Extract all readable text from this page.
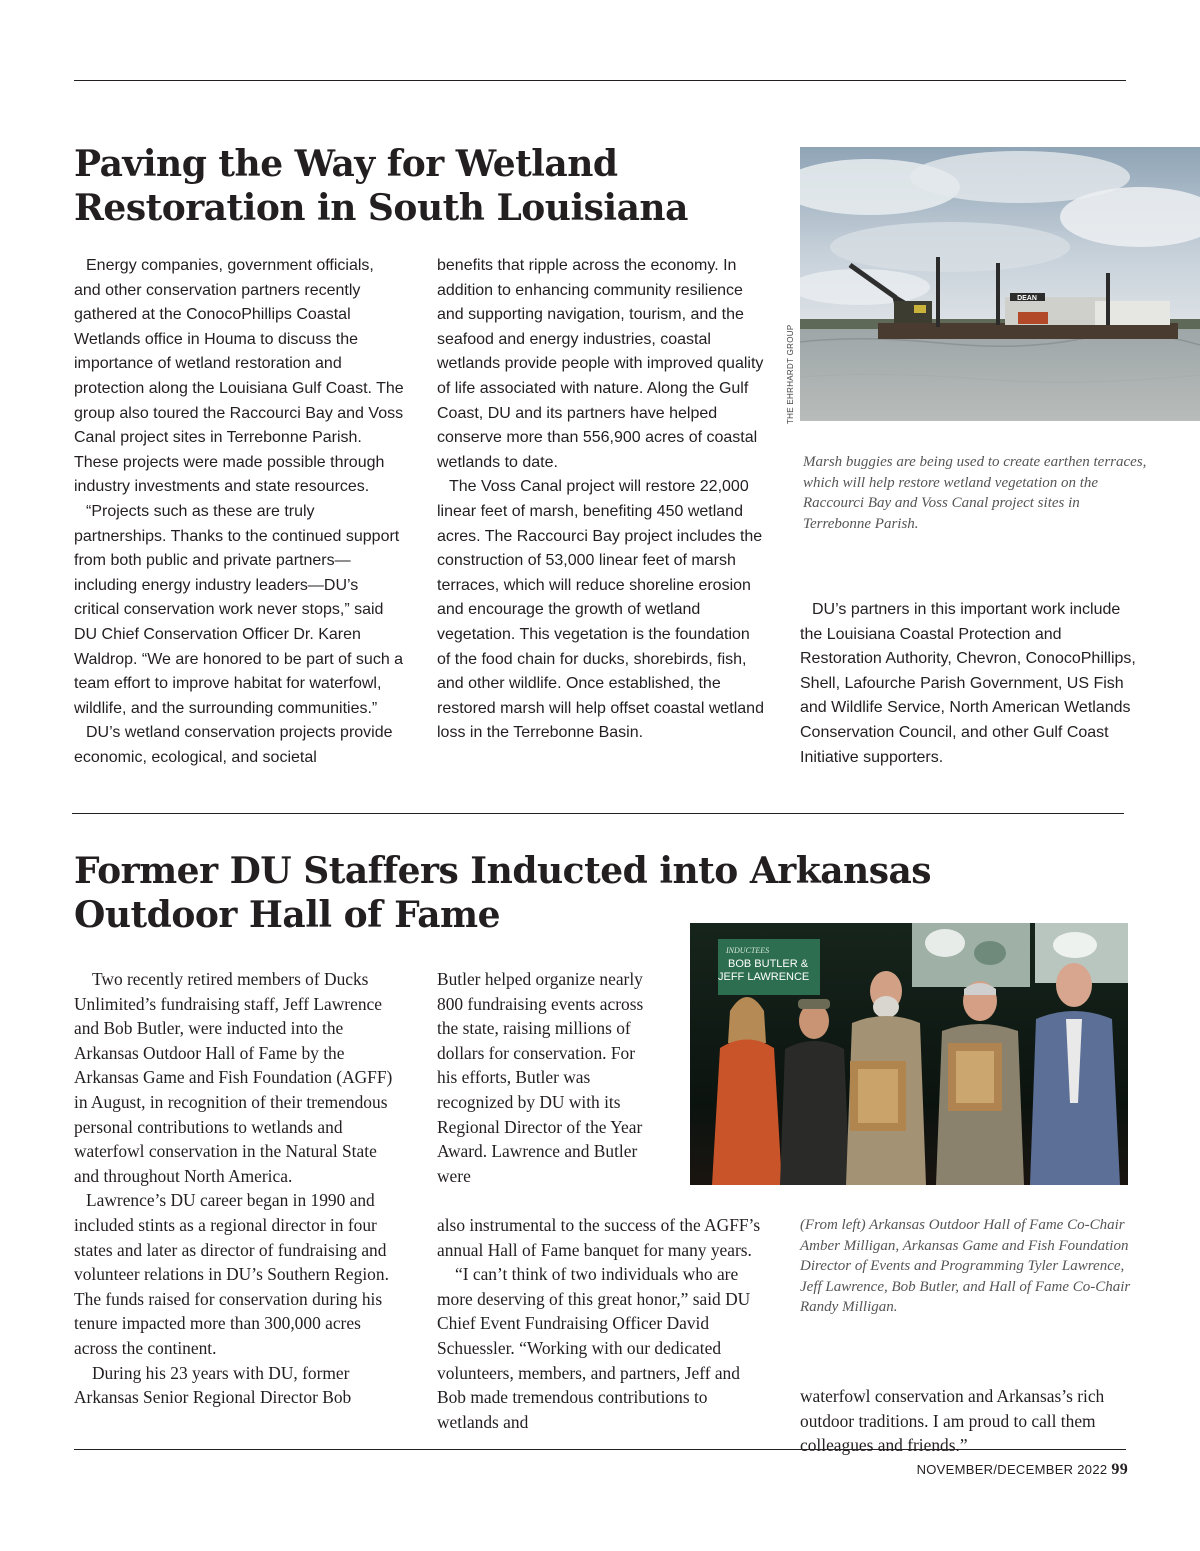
Paving the Way for Wetland
Restoration in South Louisiana

Energy companies, government officials, and other conservation partners recently gathered at the ConocoPhillips Coastal Wetlands office in Houma to discuss the importance of wetland restoration and protection along the Louisiana Gulf Coast. The group also toured the Raccourci Bay and Voss Canal project sites in Terrebonne Parish. These projects were made possible through industry investments and state resources.

“Projects such as these are truly partnerships. Thanks to the continued support from both public and private partners—including energy industry leaders—DU’s critical conservation work never stops,” said DU Chief Conservation Officer Dr. Karen Waldrop. “We are honored to be part of such a team effort to improve habitat for waterfowl, wildlife, and the surrounding communities.”

DU’s wetland conservation projects provide economic, ecological, and societal

benefits that ripple across the economy. In addition to enhancing community resilience and supporting navigation, tourism, and the seafood and energy industries, coastal wetlands provide people with improved quality of life associated with nature. Along the Gulf Coast, DU and its partners have helped conserve more than 556,900 acres of coastal wetlands to date.

The Voss Canal project will restore 22,000 linear feet of marsh, benefiting 450 wetland acres. The Raccourci Bay project includes the construction of 53,000 linear feet of marsh terraces, which will reduce shoreline erosion and encourage the growth of wetland vegetation. This vegetation is the foundation of the food chain for ducks, shorebirds, fish, and other wildlife. Once established, the restored marsh will help offset coastal wetland loss in the Terrebonne Basin.

DEAN
THE EHRHARDT GROUP

Marsh buggies are being used to create earthen terraces, which will help restore wetland vegetation on the Raccourci Bay and Voss Canal project sites in Terrebonne Parish.

DU’s partners in this important work include the Louisiana Coastal Protection and Restoration Authority, Chevron, ConocoPhillips, Shell, Lafourche Parish Government, US Fish and Wildlife Service, North American Wetlands Conservation Council, and other Gulf Coast Initiative supporters.

Former DU Staffers Inducted into Arkansas
Outdoor Hall of Fame

Two recently retired members of Ducks Unlimited’s fundraising staff, Jeff Lawrence and Bob Butler, were inducted into the Arkansas Outdoor Hall of Fame by the Arkansas Game and Fish Foundation (AGFF) in August, in recognition of their tremendous personal contributions to wetlands and waterfowl conservation in the Natural State and throughout North America.

Lawrence’s DU career began in 1990 and included stints as a regional director in four states and later as director of fundraising and volunteer relations in DU’s Southern Region. The funds raised for conservation during his tenure impacted more than 300,000 acres across the continent.

During his 23 years with DU, former Arkansas Senior Regional Director Bob

Butler helped organize nearly 800 fundraising events across the state, raising millions of dollars for conservation. For his efforts, Butler was recognized by DU with its Regional Director of the Year Award. Lawrence and Butler were

also instrumental to the success of the AGFF’s annual Hall of Fame banquet for many years.

“I can’t think of two individuals who are more deserving of this great honor,” said DU Chief Event Fundraising Officer David Schuessler. “Working with our dedicated volunteers, members, and partners, Jeff and Bob made tremendous contributions to wetlands and

INDUCTEES
BOB BUTLER &
JEFF LAWRENCE

(From left) Arkansas Outdoor Hall of Fame Co-Chair Amber Milligan, Arkansas Game and Fish Foundation Director of Events and Programming Tyler Lawrence, Jeff Lawrence, Bob Butler, and Hall of Fame Co-Chair Randy Milligan.

waterfowl conservation and Arkansas’s rich outdoor traditions. I am proud to call them colleagues and friends.”

NOVEMBER/DECEMBER 2022 99
